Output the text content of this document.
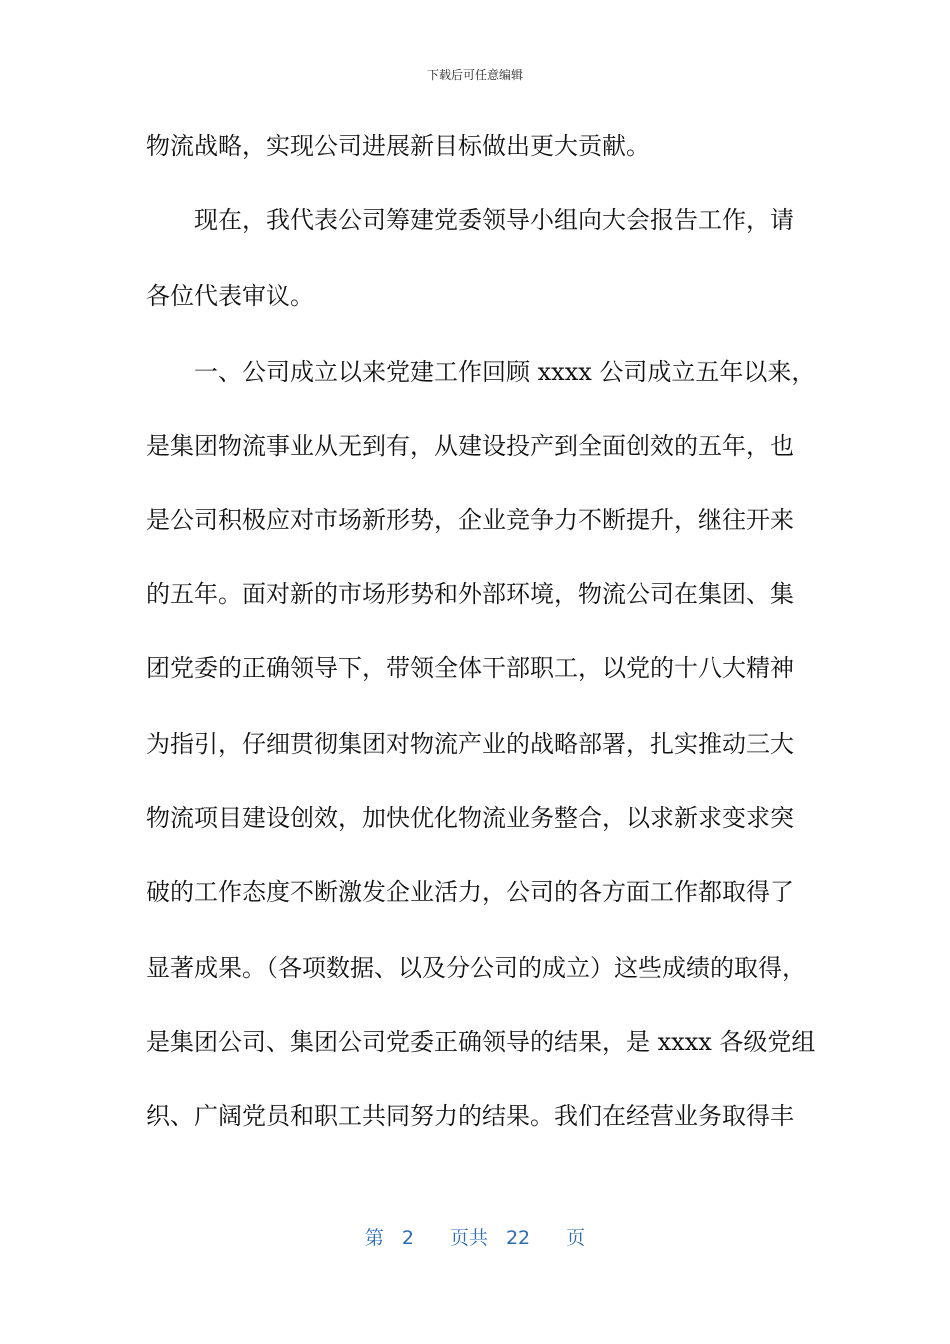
下载后可任意编辑
物流战略，实现公司进展新目标做出更大贡献。
现在，我代表公司筹建党委领导小组向大会报告工作，请
各位代表审议。
一、公司成立以来党建工作回顾 xxxx 公司成立五年以来，
是集团物流事业从无到有，从建设投产到全面创效的五年，也
是公司积极应对市场新形势，企业竞争力不断提升，继往开来
的五年。面对新的市场形势和外部环境，物流公司在集团、集
团党委的正确领导下，带领全体干部职工，以党的十八大精神
为指引，仔细贯彻集团对物流产业的战略部署，扎实推动三大
物流项目建设创效，加快优化物流业务整合，以求新求变求突
破的工作态度不断激发企业活力，公司的各方面工作都取得了
显著成果。（各项数据、以及分公司的成立）这些成绩的取得，
是集团公司、集团公司党委正确领导的结果，是 xxxx 各级党组
织、广阔党员和职工共同努力的结果。我们在经营业务取得丰
第 2 页共 22 页
